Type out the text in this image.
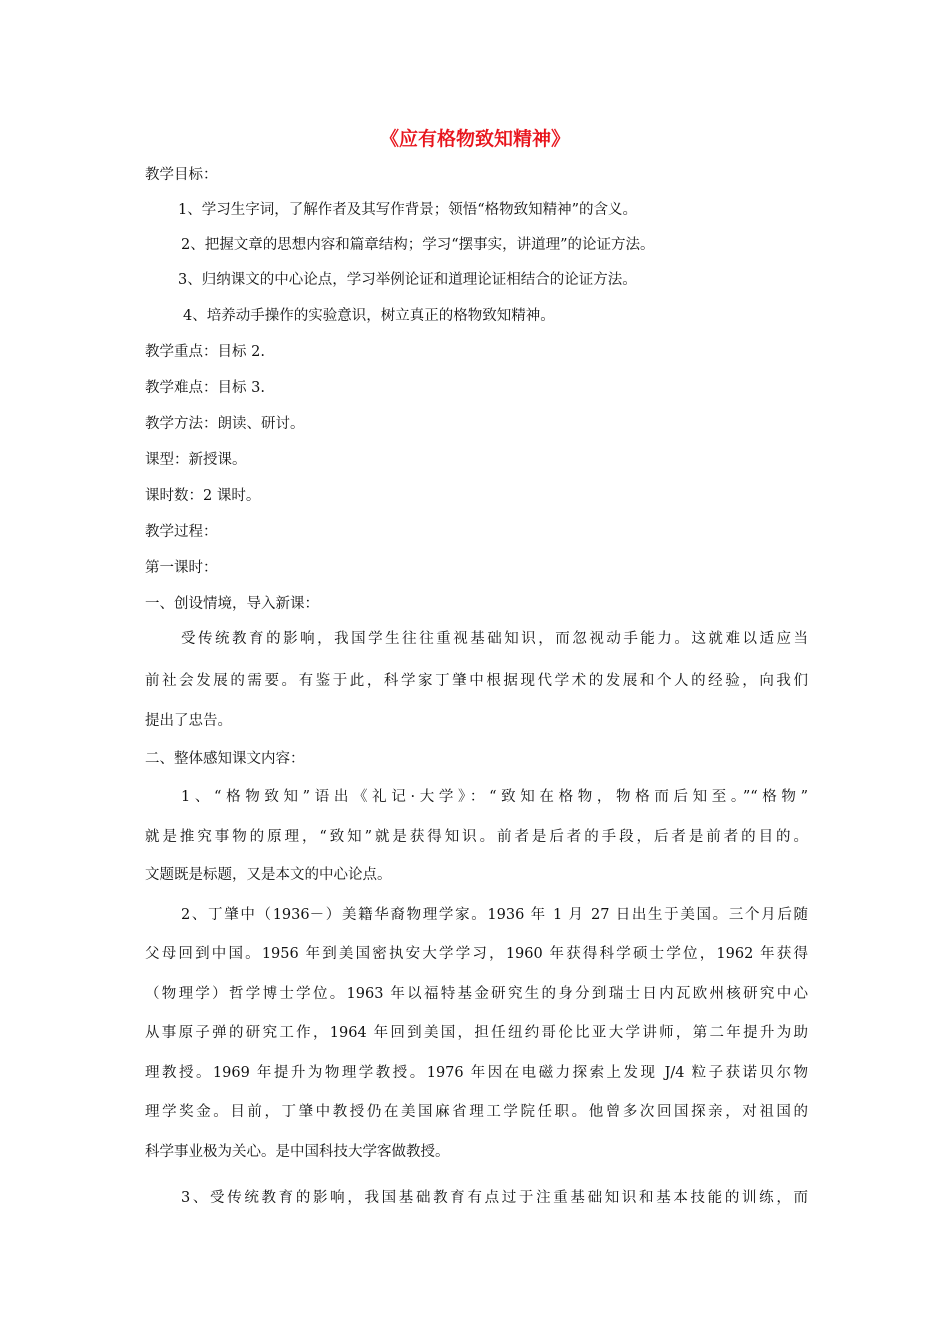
《应有格物致知精神》
教学目标：
1、学习生字词，了解作者及其写作背景；领悟“格物致知精神”的含义。
2、把握文章的思想内容和篇章结构；学习“摆事实，讲道理”的论证方法。
3、归纳课文的中心论点，学习举例论证和道理论证相结合的论证方法。
4、培养动手操作的实验意识，树立真正的格物致知精神。
教学重点：目标 2.
教学难点：目标 3.
教学方法：朗读、研讨。
课型：新授课。
课时数：2 课时。
教学过程：
第一课时：
一、创设情境，导入新课：
受传统教育的影响，我国学生往往重视基础知识，而忽视动手能力。这就难以适应当
前社会发展的需要。有鉴于此，科学家丁肇中根据现代学术的发展和个人的经验，向我们
提出了忠告。
二、整体感知课文内容：
1、“格物致知”语出《礼记·大学》：“致知在格物，物格而后知至。”“格物”
就是推究事物的原理，“致知”就是获得知识。前者是后者的手段，后者是前者的目的。
文题既是标题，又是本文的中心论点。
2、丁肇中（1936－）美籍华裔物理学家。1936 年 1 月 27 日出生于美国。三个月后随
父母回到中国。1956 年到美国密执安大学学习，1960 年获得科学硕士学位，1962 年获得
（物理学）哲学博士学位。1963 年以福特基金研究生的身分到瑞士日内瓦欧州核研究中心
从事原子弹的研究工作，1964 年回到美国，担任纽约哥伦比亚大学讲师，第二年提升为助
理教授。1969 年提升为物理学教授。1976 年因在电磁力探索上发现 J/4 粒子获诺贝尔物
理学奖金。目前，丁肇中教授仍在美国麻省理工学院任职。他曾多次回国探亲，对祖国的
科学事业极为关心。是中国科技大学客做教授。
3、受传统教育的影响，我国基础教育有点过于注重基础知识和基本技能的训练，而
